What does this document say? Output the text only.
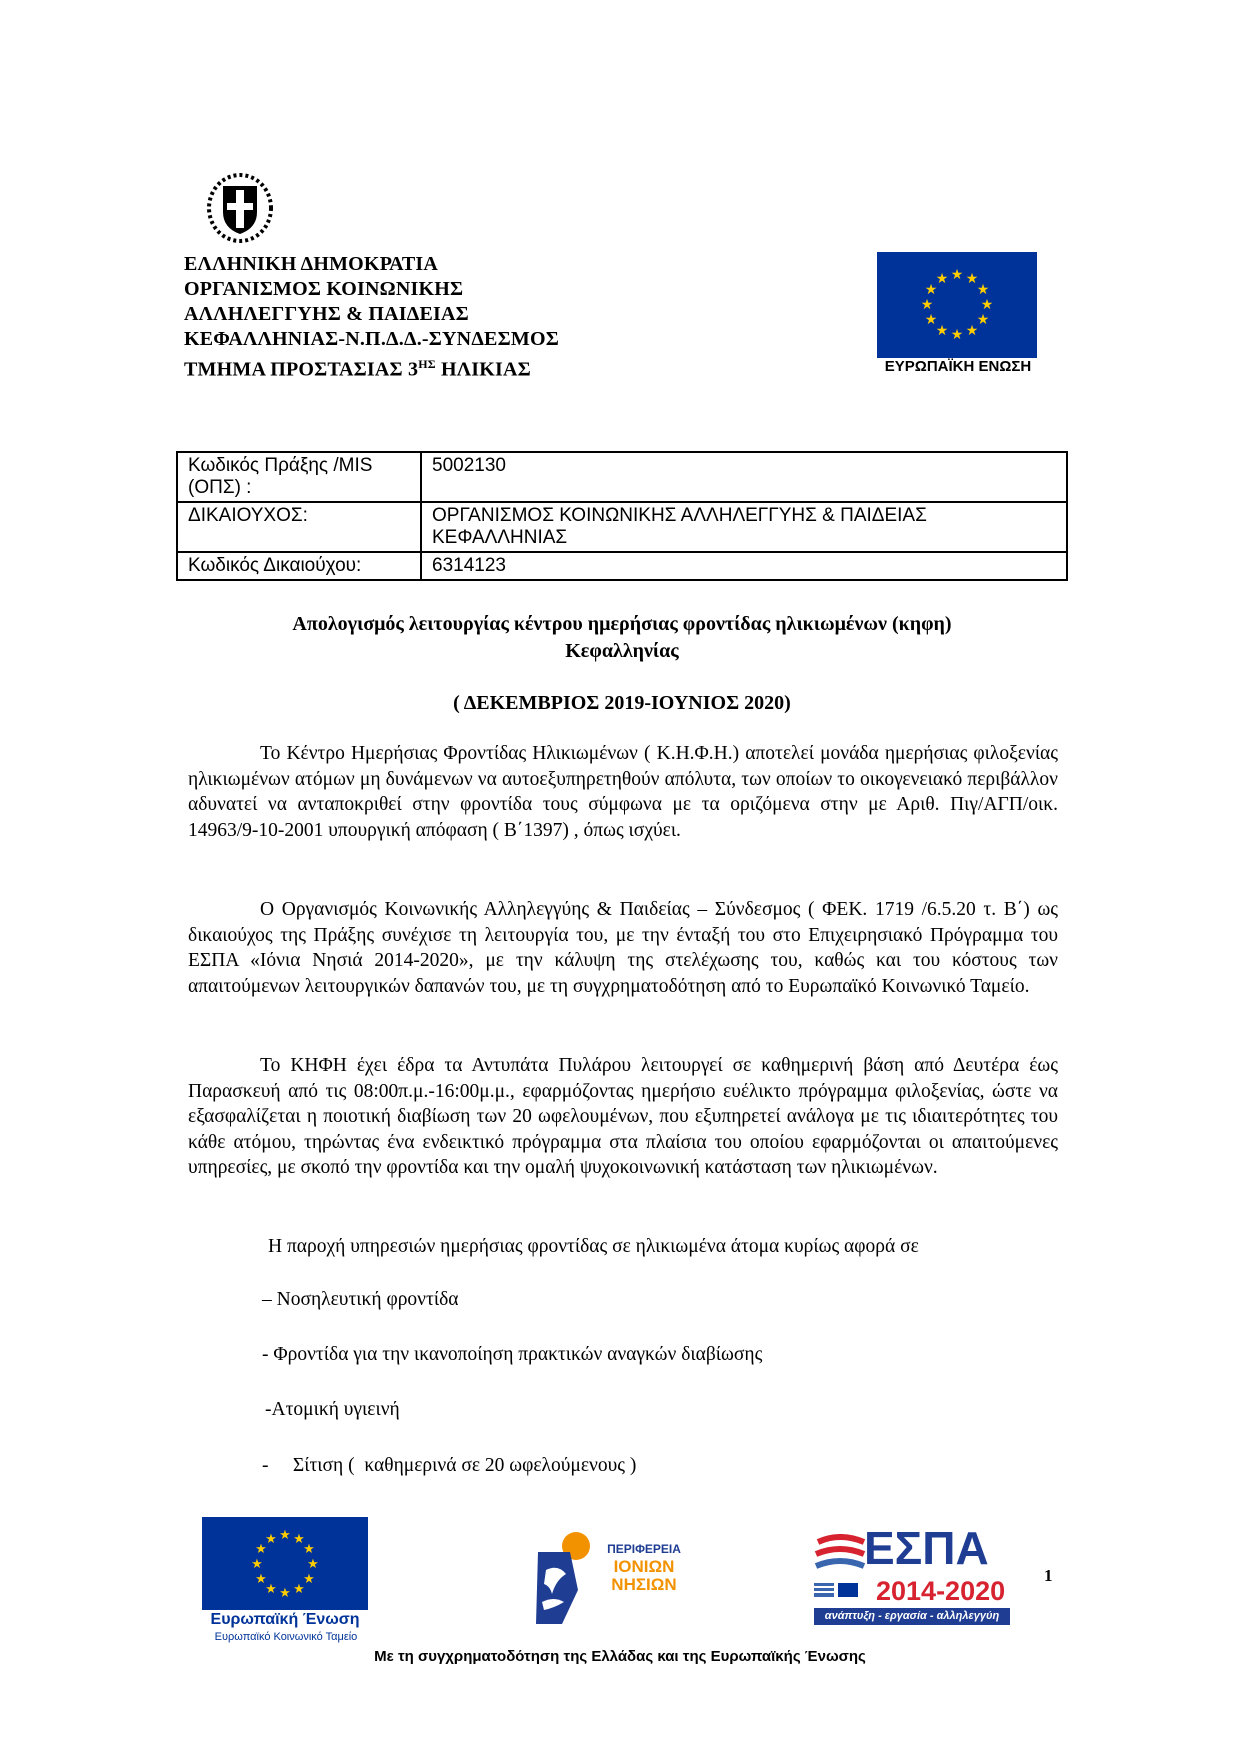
ΕΛΛΗΝΙΚΗ ΔΗΜΟΚΡΑΤΙΑ
ΟΡΓΑΝΙΣΜΟΣ ΚΟΙΝΩΝΙΚΗΣ
ΑΛΛΗΛΕΓΓΥΗΣ & ΠΑΙΔΕΙΑΣ
ΚΕΦΑΛΛΗΝΙΑΣ-Ν.Π.Δ.Δ.-ΣΥΝΔΕΣΜΟΣ
ΤΜΗΜΑ ΠΡΟΣΤΑΣΙΑΣ $3^{H\Sigma}$ ΗΛΙΚΙΑΣ
★ ★
★
★
★
★
★
★
★
★
★
★
ΕΥΡΩΠΑΪΚΗ ΕΝΩΣΗ
Κωδικός Πράξης /MIS (ΟΠΣ) :	5002130
ΔΙΚΑΙΟΥΧΟΣ:	ΟΡΓΑΝΙΣΜΟΣ ΚΟΙΝΩΝΙΚΗΣ ΑΛΛΗΛΕΓΓΥΗΣ & ΠΑΙΔΕΙΑΣ ΚΕΦΑΛΛΗΝΙΑΣ
Κωδικός Δικαιούχου:	6314123
Απολογισμός λειτουργίας κέντρου ημερήσιας φροντίδας ηλικιωμένων (κηφη)
Κεφαλληνίας
( ΔΕΚΕΜΒΡΙΟΣ 2019-ΙΟΥΝΙΟΣ 2020)
Το Κέντρο Ημερήσιας Φροντίδας Ηλικιωμένων ( Κ.Η.Φ.Η.) αποτελεί μονάδα ημερήσιας φιλοξενίας ηλικιωμένων ατόμων μη δυνάμενων να αυτοεξυπηρετηθούν απόλυτα, των οποίων το οικογενειακό περιβάλλον αδυνατεί να ανταποκριθεί στην φροντίδα τους σύμφωνα με τα οριζόμενα στην με Αριθ. Πιγ/ΑΓΠ/οικ. 14963/9-10-2001 υπουργική απόφαση ( Β΄1397) , όπως ισχύει.
Ο Οργανισμός Κοινωνικής Αλληλεγγύης & Παιδείας – Σύνδεσμος ( ΦΕΚ. 1719 /6.5.20 τ. Β΄) ως δικαιούχος της Πράξης συνέχισε τη λειτουργία του, με την ένταξή του στο Επιχειρησιακό Πρόγραμμα του ΕΣΠΑ «Ιόνια Νησιά 2014-2020», με την κάλυψη της στελέχωσης του, καθώς και του κόστους των απαιτούμενων λειτουργικών δαπανών του, με τη συγχρηματοδότηση από το Ευρωπαϊκό Κοινωνικό Ταμείο.
Το ΚΗΦΗ έχει έδρα τα Αντυπάτα Πυλάρου λειτουργεί σε καθημερινή βάση από Δευτέρα έως Παρασκευή από τις 08:00π.μ.-16:00μ.μ., εφαρμόζοντας ημερήσιο ευέλικτο πρόγραμμα φιλοξενίας, ώστε να εξασφαλίζεται η ποιοτική διαβίωση των 20 ωφελουμένων, που εξυπηρετεί ανάλογα με τις ιδιαιτερότητες του κάθε ατόμου, τηρώντας ένα ενδεικτικό πρόγραμμα στα πλαίσια του οποίου εφαρμόζονται οι απαιτούμενες υπηρεσίες, με σκοπό την φροντίδα και την ομαλή ψυχοκοινωνική κατάσταση των ηλικιωμένων.
Η παροχή υπηρεσιών ημερήσιας φροντίδας σε ηλικιωμένα άτομα κυρίως αφορά σε
– Νοσηλευτική φροντίδα
- Φροντίδα για την ικανοποίηση πρακτικών αναγκών διαβίωσης
-Ατομική υγιεινή
-     Σίτιση (  καθημερινά σε 20 ωφελούμενους )
★ ★
★
★
★
★
★
★
★
★
★
★
Ευρωπαϊκή Ένωση
Ευρωπαϊκό Κοινωνικό Ταμείο
ΠΕΡΙΦΕΡΕΙΑ
ΙΟΝΙΩΝ
ΝΗΣΙΩΝ
ΕΣΠΑ
2014-2020
ανάπτυξη - εργασία - αλληλεγγύη
1
Με τη συγχρηματοδότηση της Ελλάδας και της Ευρωπαϊκής Ένωσης
